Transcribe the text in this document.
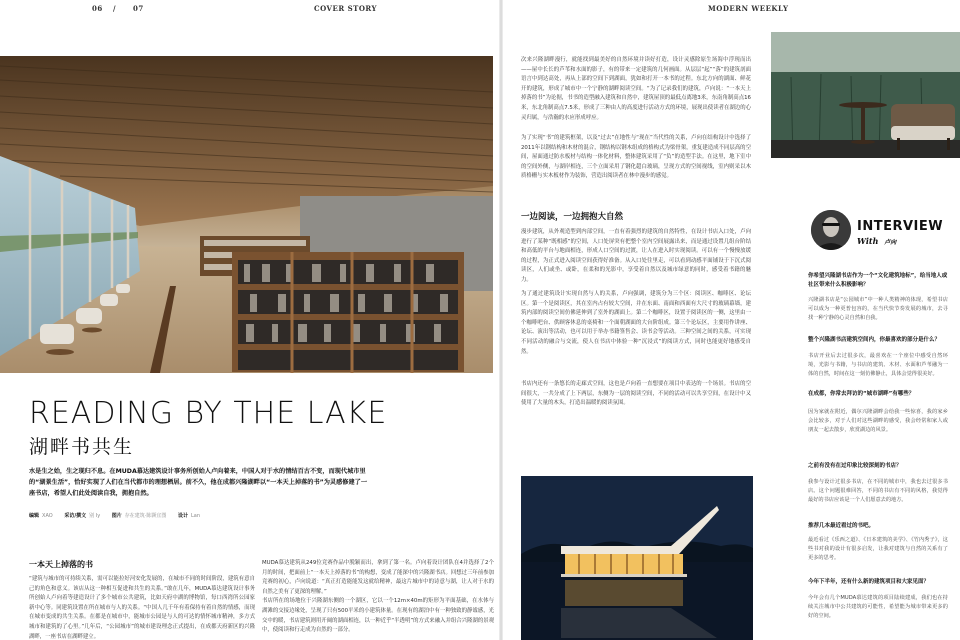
06 / 07	COVER STORY	MODERN WEEKLY
READING BY THE LAKE
湖畔书共生
水是生之始，生之现归不息。在MUDA慕达建筑设计事务所创始人卢向着来，中国人对于水的情结百古不变，而现代城市里的“湖景生活”，恰好实现了人们在当代都市的理想栖居。前不久，他在成都兴隆湖畔以“一本天上掉落的书”为灵感修建了一座书店，希望人们此处阅读自我，拥抱自然。
编辑 XAO 采访/撰文 别 Iy 图片 存在建筑·陈颢宜图 设计 Lan
一本天上掉落的书
“建筑与城市的可持续关系，需可以能拉好河安化发展的，在城市不同的时间阶段，建筑有意自己的角色和意义。该店从这一种相互促进和共生的关系。”敢在几年，MUDA慕达建筑设计事务所创始人卢向着等建造设计了多个城市公共建筑，比如天府中湖的博物馆，每口西湾所公园家新中心等。同建筑设置在所在城市与人的关系。“中国人几千年有着保持有着自然的情感，而现在城市变成的共生关系。在都是在城市中，能城市公园是与人的可达的情怀城市精神，多方式城市和建筑的了心里。”几年后，“公园城市”的城市建设理念正式提出，在成都天府新区的兴隆湖畔，一座书店在湖畔建立。
MUDA慕达建筑从249位竞赛作品中脱颖而出，拿到了第一名。卢向着设计团队在4并选择了2个月的时间，把面前上“一本天上掉落的书”的构想，变成了能深中的兴隆湖书店。回想过三年前参加竞赛的初心，卢向说道：“真正打造能能发这就给精神，最这片城市中的诗意与湖，让人对于水的自然之美有了更深的理解。”
书店所在的场地位于兴隆湖东侧的一个湖区，它以一个12m×40m的矩形为平面基础，在水体与湖滩的交接边缘处，呈现了只有500平米的小建筑体量。在现有的湖泊中有一种独致的静谧感，光交中的暖，书店建筑则用开阔的湖面相连，以一种近乎“半透明”的方式来融入并组合兴隆湖的景观中，使阅读和行走成为自然的一部分。
次来兴隆湖畔漫行，就能找到最美好的自然环境并读好打造，设计灵感除原生场海中浮现而出——屋中长长的芦苇和水面的影子，有的带来一定建筑的几何画面。从层层“起”“落”的建筑剖面语言中到达高处，再从上部的空间下到湖面，犹如和打开一本书的过程。东北方向的湖面、鲜花开的建筑，形成了城市中一个宁静的湖畔阅读空间。“为了记录我们的建筑，卢向说：“一本天上掉落的书”为论据，书书的造型融入建筑和自然中，建筑屋顶的最低点离地3米，东南角制高点16米，东北角制高点7.5米，形成了三种由人的高度进行活动方式的环境，展现出使读者在湖边的心灵归属，与浩瀚的水应形成呼应。
为了实现“书”的建筑框架，以及“过去”在地性与“现在”当代性的关系，卢向在结构设计中选择了2011年以钢结构和木材的混合，钢结构以钢木组成的格构式为梁骨架，重复建造成不同层高的空间，屋面通过防水板材与结构一体化材料，整体建筑采用了“负”的造型手法。在这里，地下室中的空间外侧，与湖岸相连，三个立面采用了钢化超白玻璃，呈现方式的空间视线，室内则采以木质格栅与实木板材作为装饰，营造出阅读者在林中漫步的感觉。
一边阅读，一边拥抱大自然
漫步建筑，从外观造型到内部空间，一直有着强烈的建筑的自然特性，在设计书店入口处，卢向进行了某种“既相感”的空间，人口处屏突有把整个室内空间展露出来，而是通过设置几组台阶结和高低的平台与地面相连，形成人口空间的过渡，让人在进入时实现阅读。可以有一个慢慢放缓的过程，为正式进入阅读空间获得好准备。从入口处往里走，可以看到动感平面铺设于下沉式阅读区，人们或坐、或卧，在柔和的光影中，享受着自然以及城市绿意的同时，感受着书籍的魅力。
为了通过建筑设计实现自然与人的关系，卢向强调，建筑分为三个区：阅读区、咖啡区、论坛区。第一个是阅读区，其在室内占有较大空间，并在东面、南面和西面有大尺寸的玻璃幕墙，建筑内部的阅读空间仿佛延伸到了室外的湖面上。第二个咖啡区，设置于阅读区的一侧，这里由一个咖啡吧台、供顾客休息的桌椅和一个面朝湖面的大台阶组成。第三个论坛区，主要用作讲座、论坛、演出等活动，也可以用于举办书籍签售会、读书会等活动。三种空间之间的关系，可实现不同活动的融合与交流，使人在书店中体验一种“沉浸式”的阅读方式，同时也能更好地感受自然。
书店内还有一条悠长的走廊式空间，这也是卢向着一直想要在项目中表达的一个场景。书店的空间很大，一共分成了上下两层，东侧为一层的阅读空间，不同的活动可以共享空间，在设计中又使用了大量的木头，打造出温暖的阅读氛围。
INTERVIEW
With 卢向
你希望兴隆湖书店作为一个“文化建筑地标”，给当地人或社区带来什么积极影响？
兴隆湖书店是“公园城市”中一种人类精神的体现，希望书店可以成为一种更普包容的，在当代快节奏发展的城市，去寻找一种宁静的心灵自然和自我。
整个兴隆湖书店建筑空间内，你最喜欢的部分是什么？
书店开业后去过很多次，最喜欢在一个座位中感受自然环境，光影与书籍，与书店的建筑、木材、水面和芦苇融为一体的自然，时间在这一刻仿佛静止，具体会觉得很美好。
在成都，你常去拜访的“城市湖畔”有哪些？
因为家就在附近，偶尔兴隆湖畔会给我一些惊喜，我的家乡会比较多，对于人们对这些湖畔的感受，我会经常和家人或朋友一起去散步，欣赏湖边的风景。
之前有没有在过印象比较深刻的书店？
我参与设计过很多书店，在不同的城市中，我也去过很多书店。这个问题很难回答，不同的书店有不同的风格，我觉得最好的书店应该是一个人们愿意去的地方。
推荐几本最近看过的书吧。
最近看过《乐西之道》、《日本建筑的美学》、《竹内秀子》，这些书对我的设计有很多启发，让我对建筑与自然的关系有了更多的思考。
今年下半年，还有什么新的建筑项目和大家见面？
今年会有几个MUDA慕达建筑的项目陆续建成，我们也在持续关注城市中公共建筑的可能性，希望能为城市带来更多的好的空间。
